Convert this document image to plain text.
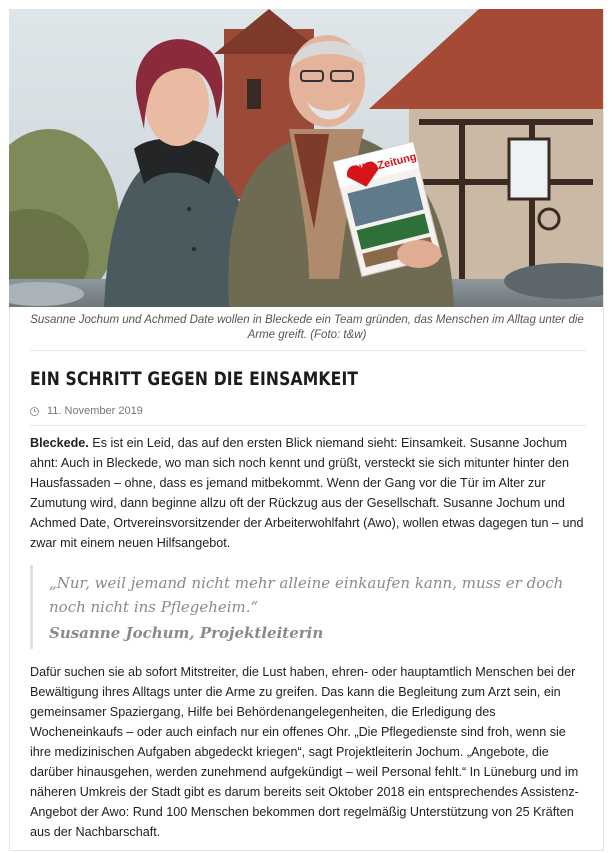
AWO Zeitung
Susanne Jochum und Achmed Date wollen in Bleckede ein Team gründen, das Menschen im Alltag unter die Arme greift. (Foto: t&w)
EIN SCHRITT GEGEN DIE EINSAMKEIT
11. November 2019

Bleckede. Es ist ein Leid, das auf den ersten Blick niemand sieht: Einsamkeit. Susanne Jochum ahnt: Auch in Bleckede, wo man sich noch kennt und grüßt, versteckt sie sich mitunter hinter den Hausfassaden – ohne, dass es jemand mitbekommt. Wenn der Gang vor die Tür im Alter zur Zumutung wird, dann beginne allzu oft der Rückzug aus der Gesellschaft. Susanne Jochum und Achmed Date, Ortvereinsvorsitzender der Arbeiterwohlfahrt (Awo), wollen etwas dagegen tun – und zwar mit einem neuen Hilfsangebot.

„Nur, weil jemand nicht mehr alleine einkaufen kann, muss er doch noch nicht ins Pflegeheim.“

Susanne Jochum, Projektleiterin

Dafür suchen sie ab sofort Mitstreiter, die Lust haben, ehren- oder hauptamtlich Menschen bei der Bewältigung ihres Alltags unter die Arme zu greifen. Das kann die Begleitung zum Arzt sein, ein gemeinsamer Spaziergang, Hilfe bei Behördenangelegenheiten, die Erledigung des Wocheneinkaufs – oder auch einfach nur ein offenes Ohr. „Die Pflegedienste sind froh, wenn sie ihre medizinischen Aufgaben abgedeckt kriegen“, sagt Projektleiterin Jochum. „Angebote, die darüber hinausgehen, werden zunehmend aufgekündigt – weil Personal fehlt.“ In Lüneburg und im näheren Umkreis der Stadt gibt es darum bereits seit Oktober 2018 ein entsprechendes Assistenz-Angebot der Awo: Rund 100 Menschen bekommen dort regelmäßig Unterstützung von 25 Kräften aus der Nachbarschaft.
